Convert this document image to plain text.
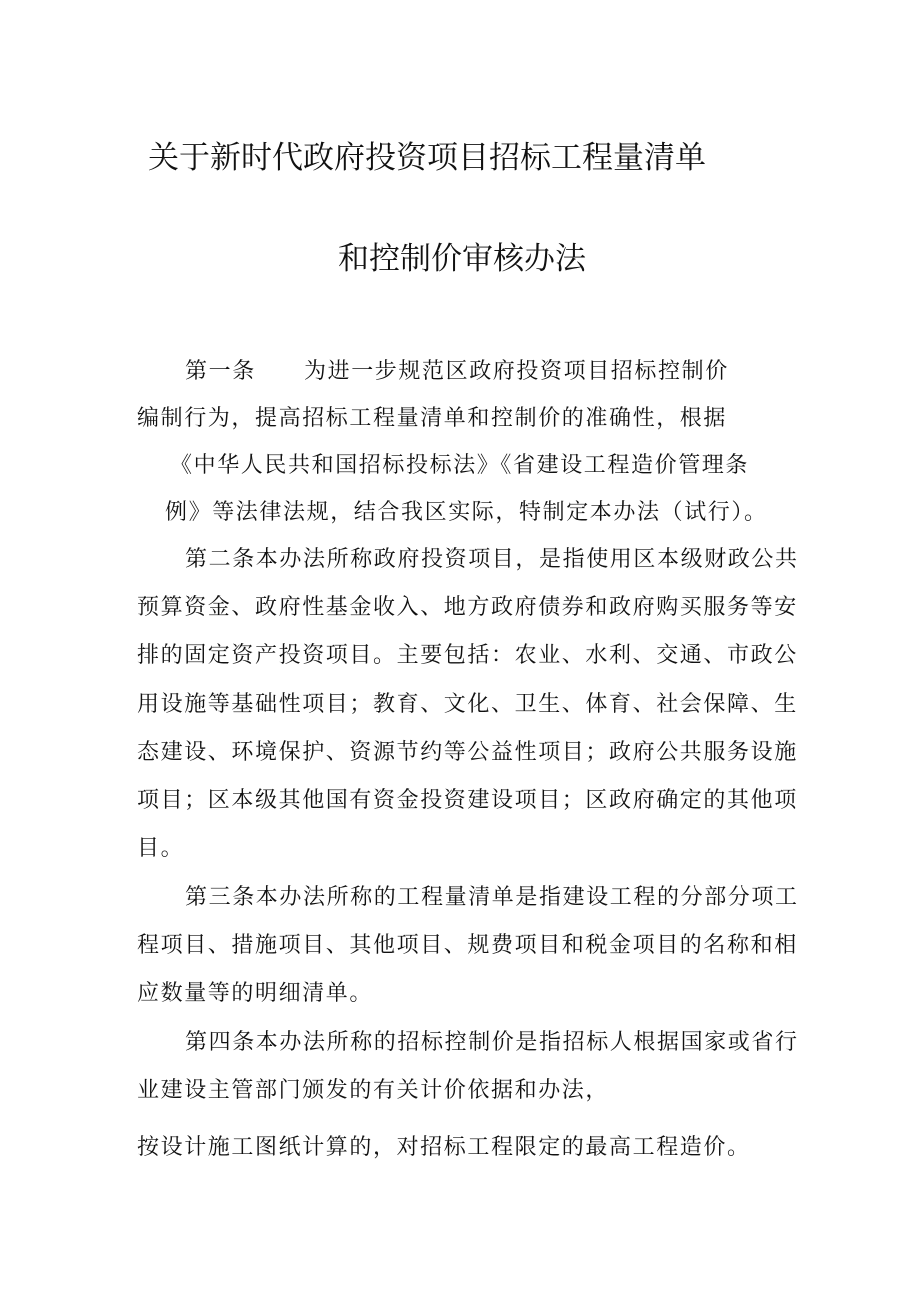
关于新时代政府投资项目招标工程量清单
和控制价审核办法
第一条 为进一步规范区政府投资项目招标控制价
编制行为，提高招标工程量清单和控制价的准确性，根据
《中华人民共和国招标投标法》《省建设工程造价管理条
例》等法律法规，结合我区实际，特制定本办法（试行）。
第二条本办法所称政府投资项目，是指使用区本级财政公共
预算资金、政府性基金收入、地方政府债券和政府购买服务等安
排的固定资产投资项目。主要包括：农业、水利、交通、市政公
用设施等基础性项目；教育、文化、卫生、体育、社会保障、生
态建设、环境保护、资源节约等公益性项目；政府公共服务设施
项目；区本级其他国有资金投资建设项目；区政府确定的其他项
目。
第三条本办法所称的工程量清单是指建设工程的分部分项工
程项目、措施项目、其他项目、规费项目和税金项目的名称和相
应数量等的明细清单。
第四条本办法所称的招标控制价是指招标人根据国家或省行
业建设主管部门颁发的有关计价依据和办法，
按设计施工图纸计算的，对招标工程限定的最高工程造价。
